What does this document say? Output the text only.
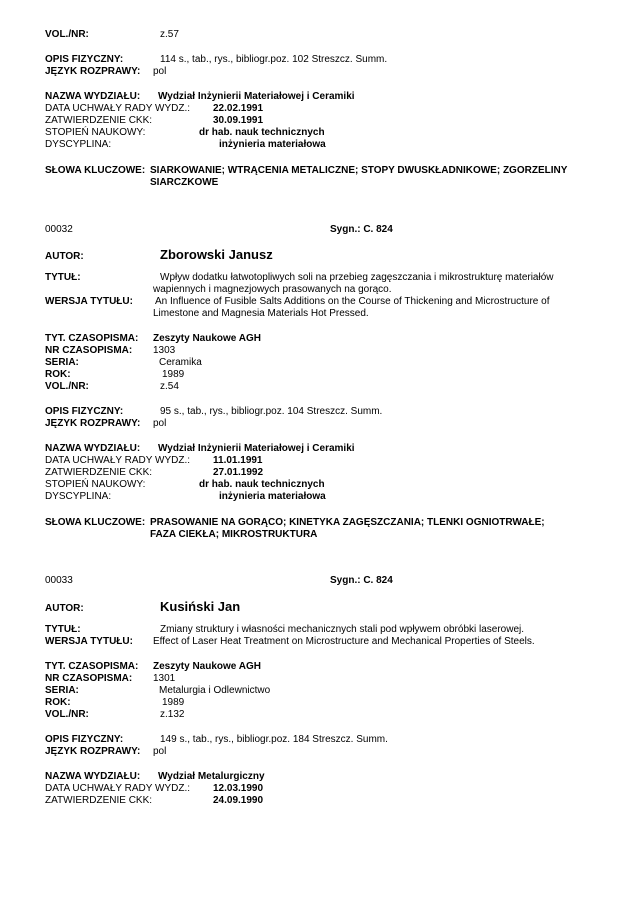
VOL./NR:	z.57
OPIS FIZYCZNY:	114 s., tab., rys., bibliogr.poz. 102 Streszcz. Summ.
JĘZYK ROZPRAWY: pol
NAZWA WYDZIAŁU: Wydział Inżynierii Materiałowej i Ceramiki
DATA UCHWAŁY RADY WYDZ.: 22.02.1991
ZATWIERDZENIE CKK:	30.09.1991
STOPIEŃ NAUKOWY:	dr hab. nauk technicznych
DYSCYPLINA:	inżynieria materiałowa
SŁOWA KLUCZOWE: SIARKOWANIE; WTRĄCENIA METALICZNE; STOPY DWUSKŁADNIKOWE; ZGORZELINY
SIARCZKOWE
00032	Sygn.: C. 824
AUTOR:	Zborowski Janusz
TYTUŁ:	Wpływ dodatku łatwotopliwych soli na przebieg zagęszczania i mikrostrukturę materiałów
wapiennych i magnezjowych prasowanych na gorąco.
WERSJA TYTUŁU: An Influence of Fusible Salts Additions on the Course of Thickening and Microstructure of
Limestone and Magnesia Materials Hot Pressed.
TYT. CZASOPISMA: Zeszyty Naukowe AGH
NR CZASOPISMA: 1303
SERIA:	Ceramika
ROK:	1989
VOL./NR:	z.54
OPIS FIZYCZNY:	95 s., tab., rys., bibliogr.poz. 104 Streszcz. Summ.
JĘZYK ROZPRAWY: pol
NAZWA WYDZIAŁU: Wydział Inżynierii Materiałowej i Ceramiki
DATA UCHWAŁY RADY WYDZ.: 11.01.1991
ZATWIERDZENIE CKK:	27.01.1992
STOPIEŃ NAUKOWY:	dr hab. nauk technicznych
DYSCYPLINA:	inżynieria materiałowa
SŁOWA KLUCZOWE: PRASOWANIE NA GORĄCO; KINETYKA ZAGĘSZCZANIA; TLENKI OGNIOTRWAŁE;
FAZA CIEKŁA; MIKROSTRUKTURA
00033	Sygn.: C. 824
AUTOR:	Kusiński Jan
TYTUŁ:	Zmiany struktury i własności mechanicznych stali pod wpływem obróbki laserowej.
WERSJA TYTUŁU: Effect of Laser Heat Treatment on Microstructure and Mechanical Properties of Steels.
TYT. CZASOPISMA: Zeszyty Naukowe AGH
NR CZASOPISMA: 1301
SERIA:	Metalurgia i Odlewnictwo
ROK:	1989
VOL./NR:	z.132
OPIS FIZYCZNY:	149 s., tab., rys., bibliogr.poz. 184 Streszcz. Summ.
JĘZYK ROZPRAWY: pol
NAZWA WYDZIAŁU: Wydział Metalurgiczny
DATA UCHWAŁY RADY WYDZ.: 12.03.1990
ZATWIERDZENIE CKK:	24.09.1990
